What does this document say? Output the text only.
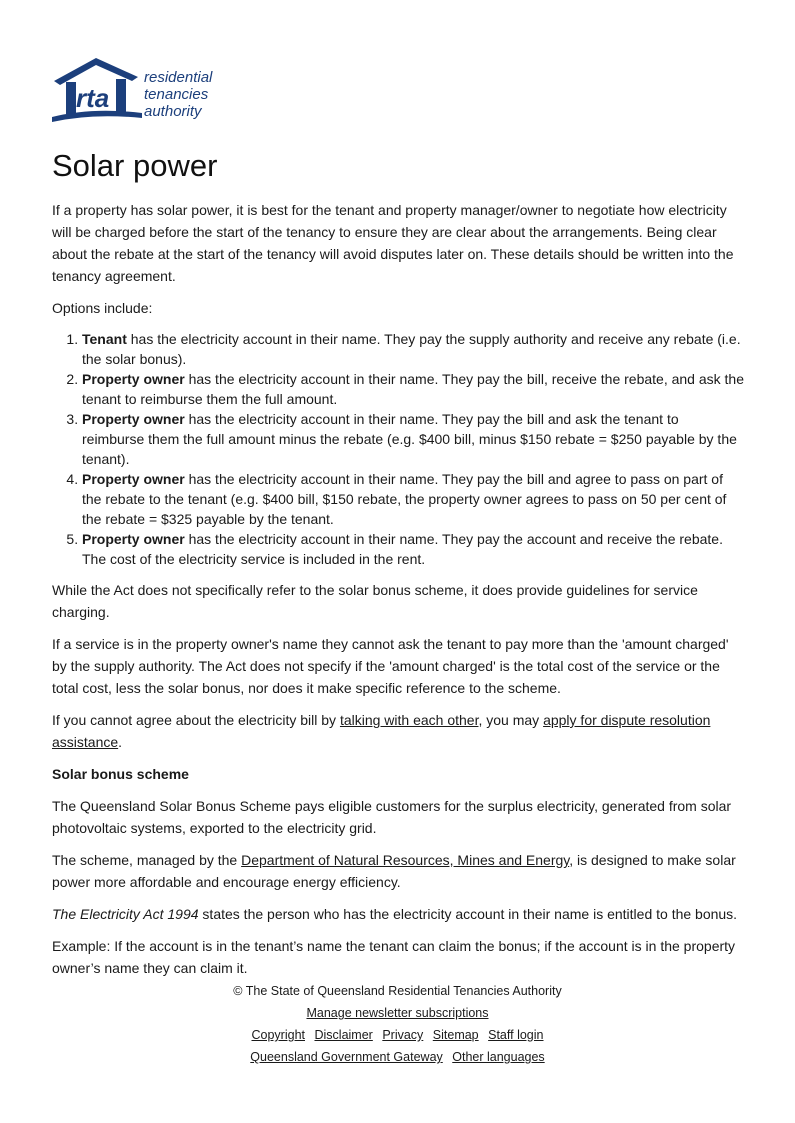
rta
residential
tenancies
authority
Solar power

If a property has solar power, it is best for the tenant and property manager/owner to negotiate how electricity will be charged before the start of the tenancy to ensure they are clear about the arrangements. Being clear about the rebate at the start of the tenancy will avoid disputes later on. These details should be written into the tenancy agreement.

Options include:

1. Tenant has the electricity account in their name. They pay the supply authority and receive any rebate (i.e. the solar bonus).
2. Property owner has the electricity account in their name. They pay the bill, receive the rebate, and ask the tenant to reimburse them the full amount.
3. Property owner has the electricity account in their name. They pay the bill and ask the tenant to reimburse them the full amount minus the rebate (e.g. $400 bill, minus $150 rebate = $250 payable by the tenant).
4. Property owner has the electricity account in their name. They pay the bill and agree to pass on part of the rebate to the tenant (e.g. $400 bill, $150 rebate, the property owner agrees to pass on 50 per cent of the rebate = $325 payable by the tenant.
5. Property owner has the electricity account in their name. They pay the account and receive the rebate. The cost of the electricity service is included in the rent.

While the Act does not specifically refer to the solar bonus scheme, it does provide guidelines for service charging.

If a service is in the property owner's name they cannot ask the tenant to pay more than the 'amount charged' by the supply authority. The Act does not specify if the 'amount charged' is the total cost of the service or the total cost, less the solar bonus, nor does it make specific reference to the scheme.

If you cannot agree about the electricity bill by talking with each other, you may apply for dispute resolution assistance.

Solar bonus scheme

The Queensland Solar Bonus Scheme pays eligible customers for the surplus electricity, generated from solar photovoltaic systems, exported to the electricity grid.

The scheme, managed by the Department of Natural Resources, Mines and Energy, is designed to make solar power more affordable and encourage energy efficiency.

The Electricity Act 1994 states the person who has the electricity account in their name is entitled to the bonus.

Example: If the account is in the tenant’s name the tenant can claim the bonus; if the account is in the property owner’s name they can claim it.

© The State of Queensland Residential Tenancies Authority
Manage newsletter subscriptions
Copyright Disclaimer Privacy Sitemap Staff login
Queensland Government Gateway Other languages
